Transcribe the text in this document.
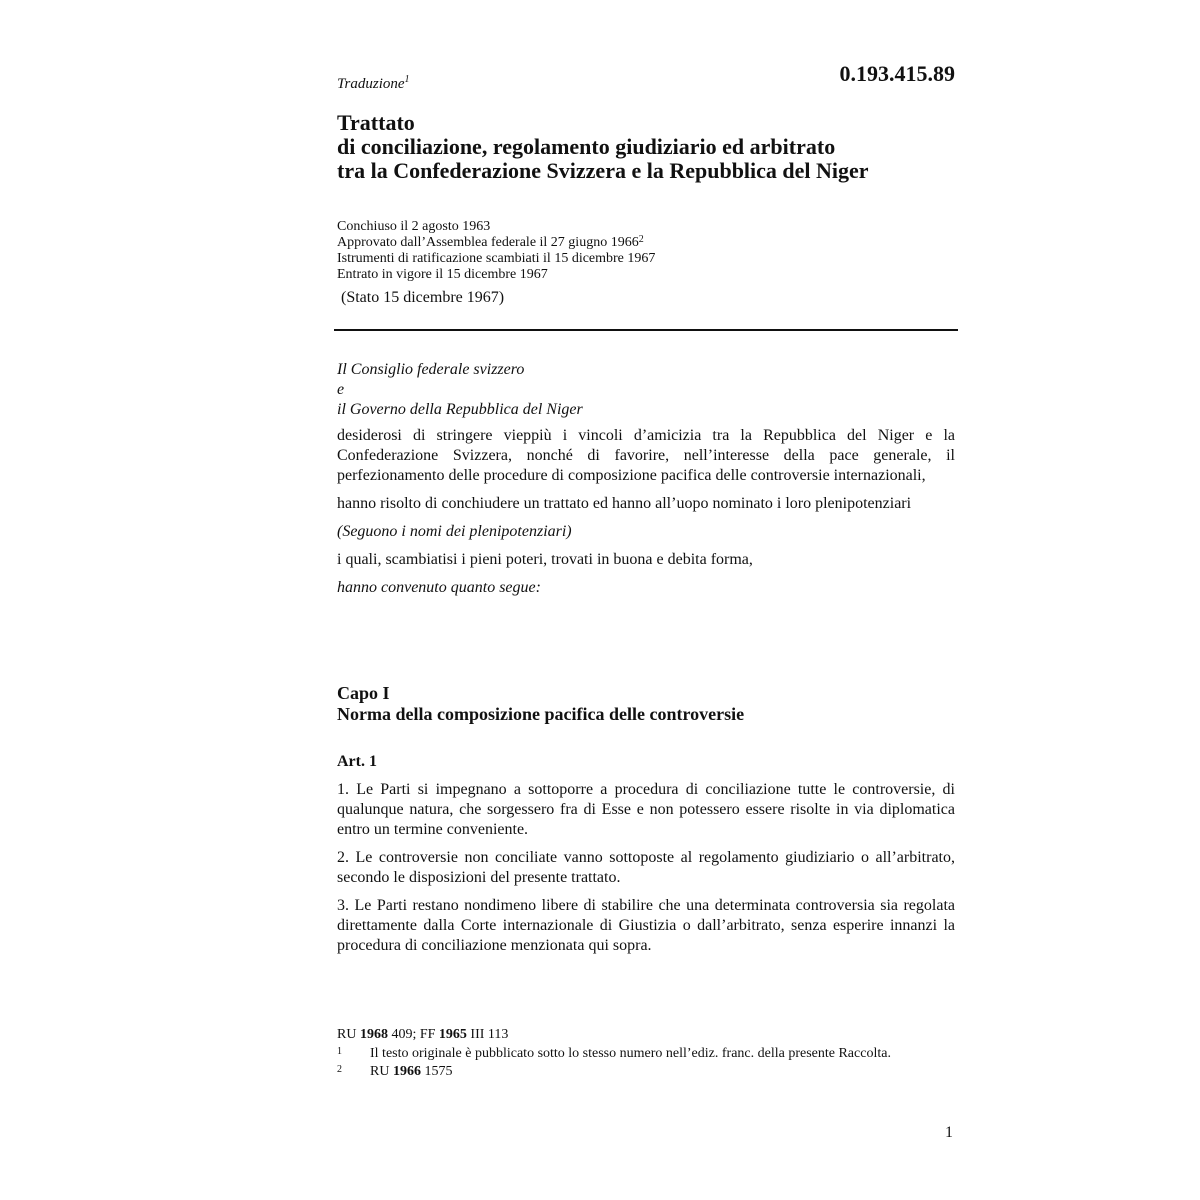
Traduzione$^1$	0.193.415.89
Trattato
di conciliazione, regolamento giudiziario ed arbitrato
tra la Confederazione Svizzera e la Repubblica del Niger
Conchiuso il 2 agosto 1963
Approvato dall’Assemblea federale il 27 giugno 1966$^2$
Istrumenti di ratificazione scambiati il 15 dicembre 1967
Entrato in vigore il 15 dicembre 1967
(Stato 15 dicembre 1967)

Il Consiglio federale svizzero

e

il Governo della Repubblica del Niger

desiderosi di stringere vieppiù i vincoli d’amicizia tra la Repubblica del Niger e la Confederazione Svizzera, nonché di favorire, nell’interesse della pace generale, il perfezionamento delle procedure di composizione pacifica delle controversie internazionali,

hanno risolto di conchiudere un trattato ed hanno all’uopo nominato i loro plenipotenziari

(Seguono i nomi dei plenipotenziari)

i quali, scambiatisi i pieni poteri, trovati in buona e debita forma,

hanno convenuto quanto segue:

Capo I
Norma della composizione pacifica delle controversie
Art. 1

1. Le Parti si impegnano a sottoporre a procedura di conciliazione tutte le controversie, di qualunque natura, che sorgessero fra di Esse e non potessero essere risolte in via diplomatica entro un termine conveniente.

2. Le controversie non conciliate vanno sottoposte al regolamento giudiziario o all’arbitrato, secondo le disposizioni del presente trattato.

3. Le Parti restano nondimeno libere di stabilire che una determinata controversia sia regolata direttamente dalla Corte internazionale di Giustizia o dall’arbitrato, senza esperire innanzi la procedura di conciliazione menzionata qui sopra.

RU 1968 409; FF 1965 III 113
1 Il testo originale è pubblicato sotto lo stesso numero nell’ediz. franc. della presente Raccolta.
2 RU 1966 1575
1
